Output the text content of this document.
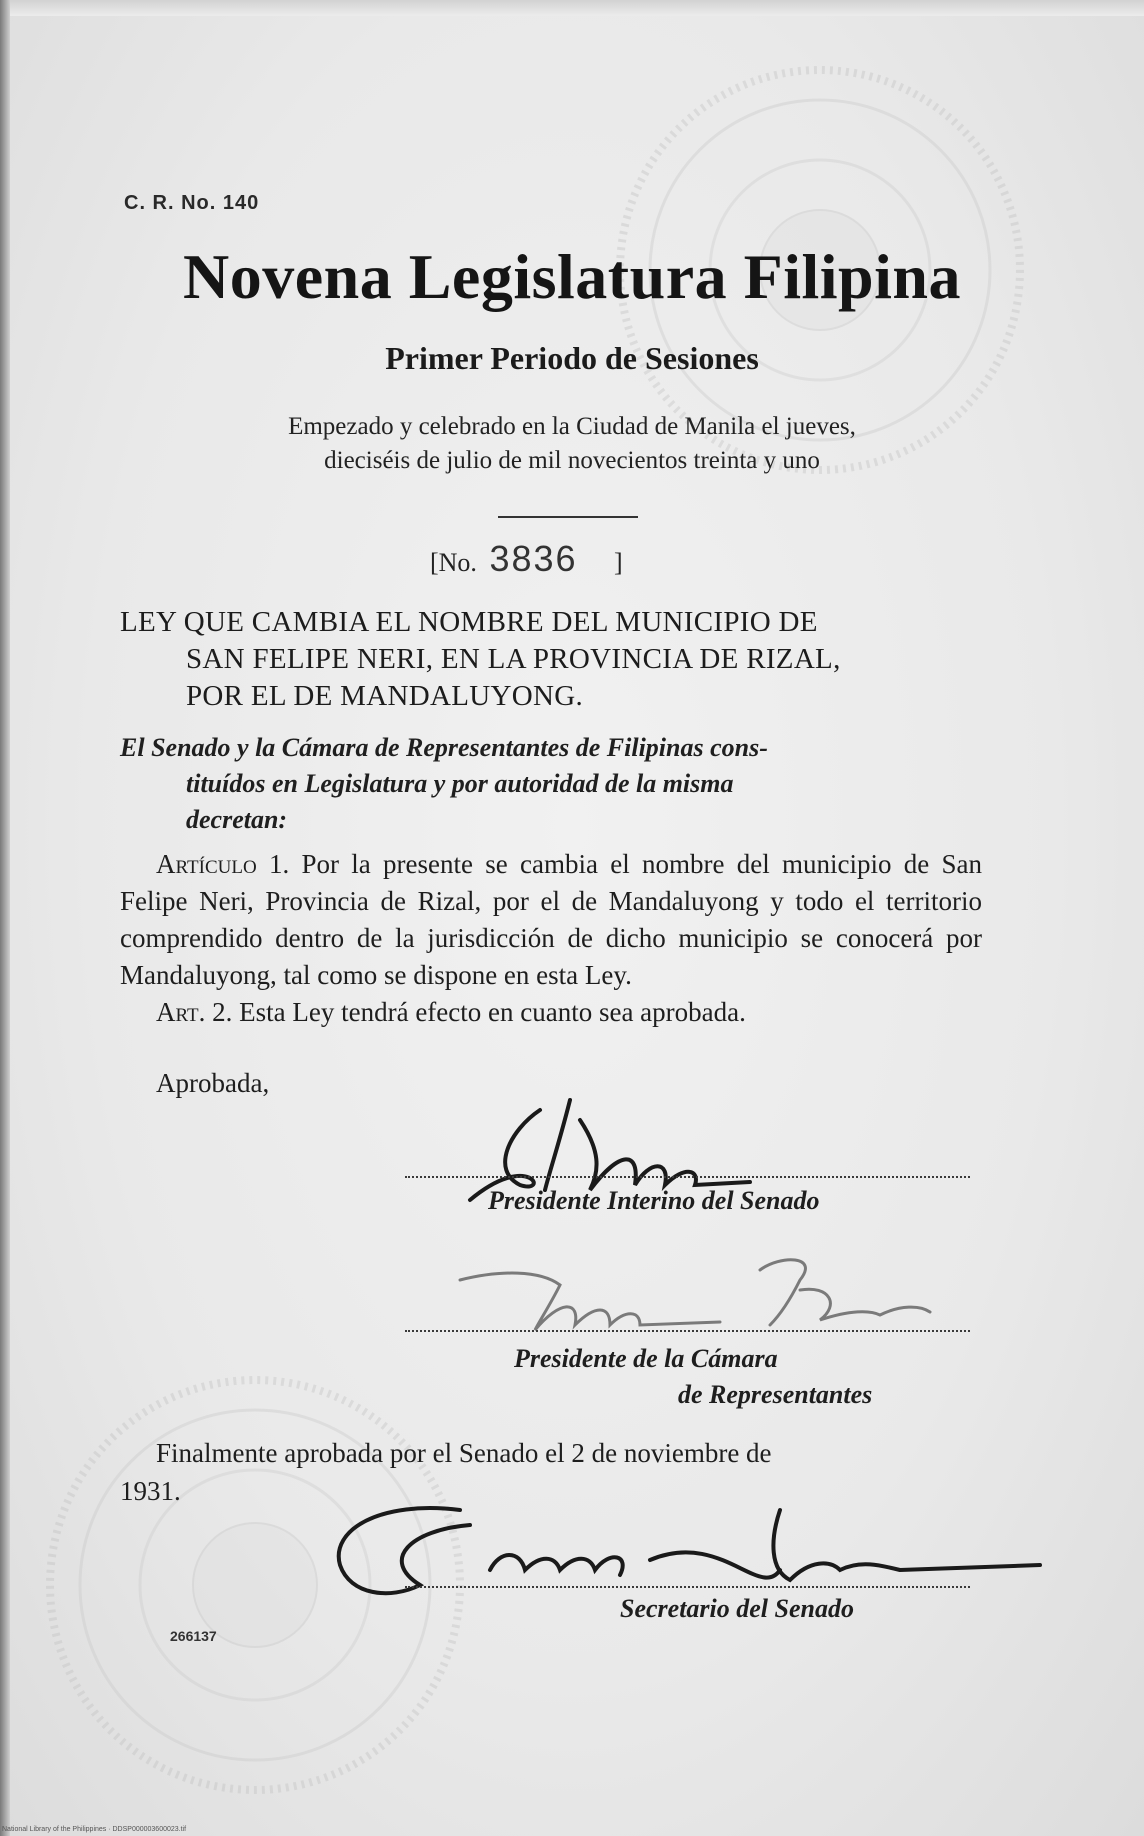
C. R. No. 140
Novena Legislatura Filipina
Primer Periodo de Sesiones
Empezado y celebrado en la Ciudad de Manila el jueves,
dieciséis de julio de mil novecientos treinta y uno
[No. 3836 ]
LEY QUE CAMBIA EL NOMBRE DEL MUNICIPIO DE
SAN FELIPE NERI, EN LA PROVINCIA DE RIZAL,
POR EL DE MANDALUYONG.
El Senado y la Cámara de Representantes de Filipinas cons-
tituídos en Legislatura y por autoridad de la misma
decretan:
Artículo 1. Por la presente se cambia el nombre del municipio de San Felipe Neri, Provincia de Rizal, por el de Mandaluyong y todo el territorio comprendido dentro de la jurisdicción de dicho municipio se conocerá por Mandaluyong, tal como se dispone en esta Ley.
Art. 2. Esta Ley tendrá efecto en cuanto sea aprobada.
Aprobada,
Presidente Interino del Senado
Presidente de la Cámara
de Representantes
Finalmente aprobada por el Senado el 2 de noviembre de
1931.
Secretario del Senado
266137
National Library of the Philippines · DDSP000003600023.tif
